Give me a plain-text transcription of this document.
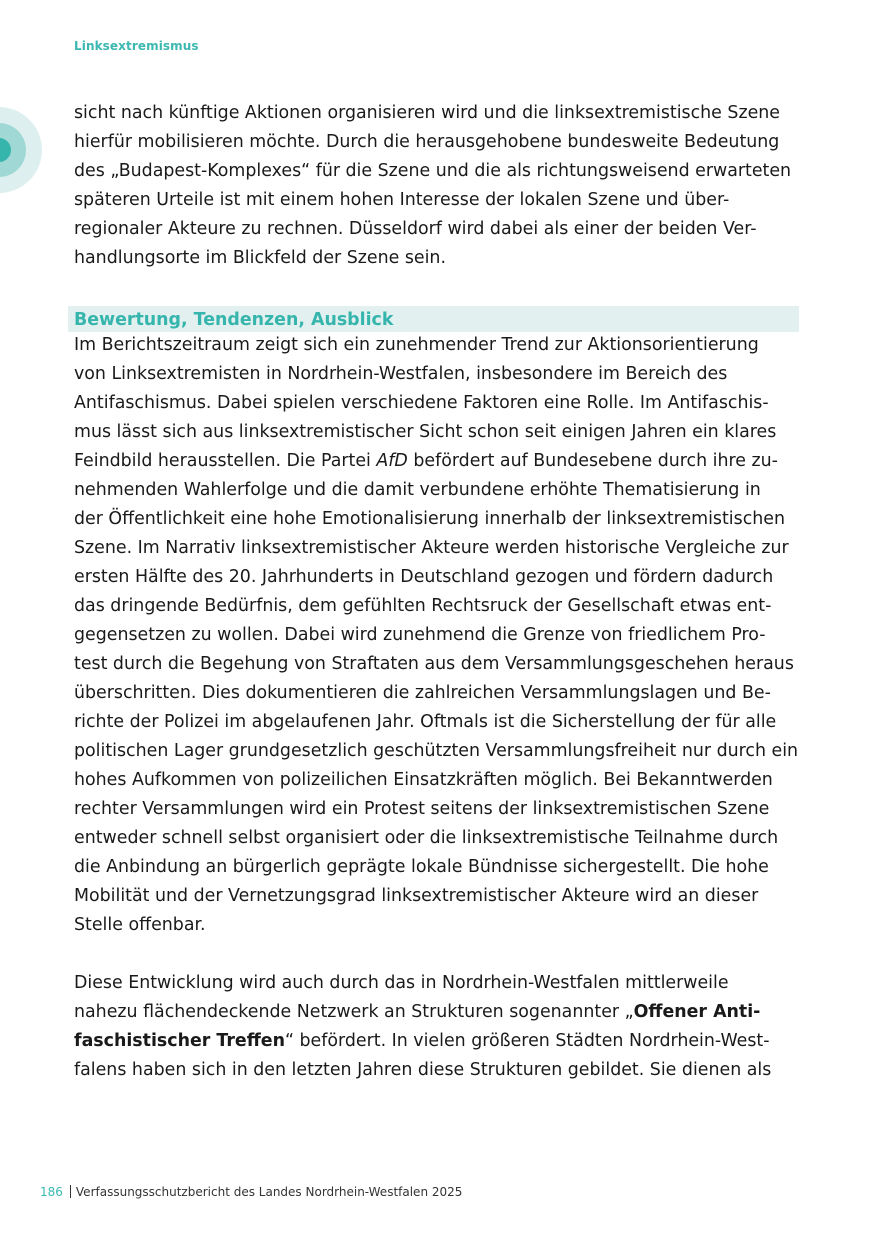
Linksextremismus

sicht nach künftige Aktionen organisieren wird und die linksextremistische Szene
hierfür mobilisieren möchte. Durch die herausgehobene bundesweite Bedeutung
des „Budapest-Komplexes“ für die Szene und die als richtungsweisend erwarteten
späteren Urteile ist mit einem hohen Interesse der lokalen Szene und über-
regionaler Akteure zu rechnen. Düsseldorf wird dabei als einer der beiden Ver-
handlungsorte im Blickfeld der Szene sein.

Bewertung, Tendenzen, Ausblick

Im Berichtszeitraum zeigt sich ein zunehmender Trend zur Aktionsorientierung
von Linksextremisten in Nordrhein-Westfalen, insbesondere im Bereich des
Antifaschismus. Dabei spielen verschiedene Faktoren eine Rolle. Im Antifaschis-
mus lässt sich aus linksextremistischer Sicht schon seit einigen Jahren ein klares
Feindbild herausstellen. Die Partei AfD befördert auf Bundesebene durch ihre zu-
nehmenden Wahlerfolge und die damit verbundene erhöhte Thematisierung in
der Öffentlichkeit eine hohe Emotionalisierung innerhalb der linksextremistischen
Szene. Im Narrativ linksextremistischer Akteure werden historische Vergleiche zur
ersten Hälfte des 20. Jahrhunderts in Deutschland gezogen und fördern dadurch
das dringende Bedürfnis, dem gefühlten Rechtsruck der Gesellschaft etwas ent-
gegensetzen zu wollen. Dabei wird zunehmend die Grenze von friedlichem Pro-
test durch die Begehung von Straftaten aus dem Versammlungsgeschehen heraus
überschritten. Dies dokumentieren die zahlreichen Versammlungslagen und Be-
richte der Polizei im abgelaufenen Jahr. Oftmals ist die Sicherstellung der für alle
politischen Lager grundgesetzlich geschützten Versammlungsfreiheit nur durch ein
hohes Aufkommen von polizeilichen Einsatzkräften möglich. Bei Bekanntwerden
rechter Versammlungen wird ein Protest seitens der linksextremistischen Szene
entweder schnell selbst organisiert oder die linksextremistische Teilnahme durch
die Anbindung an bürgerlich geprägte lokale Bündnisse sichergestellt. Die hohe
Mobilität und der Vernetzungsgrad linksextremistischer Akteure wird an dieser
Stelle offenbar.

Diese Entwicklung wird auch durch das in Nordrhein-Westfalen mittlerweile
nahezu flächendeckende Netzwerk an Strukturen sogenannter „Offener Anti-
faschistischer Treffen“ befördert. In vielen größeren Städten Nordrhein-West-
falens haben sich in den letzten Jahren diese Strukturen gebildet. Sie dienen als

186 Verfassungsschutzbericht des Landes Nordrhein-Westfalen 2025
